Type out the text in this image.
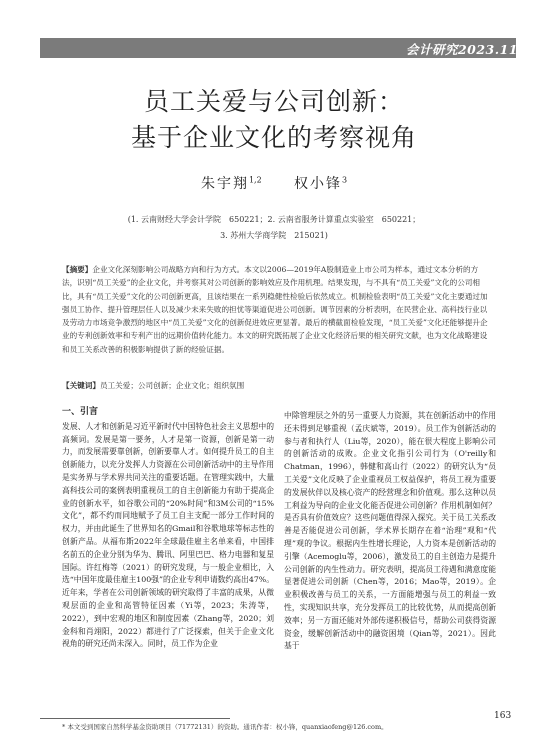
会计研究2023.11
员工关爱与公司创新：
基于企业文化的考察视角
朱宇翔$^{1,2}$ 权小锋$^3$
(1. 云南财经大学会计学院　650221；2. 云南省服务计算重点实验室　650221；
3. 苏州大学商学院　215021)
【摘要】企业文化深刻影响公司战略方向和行为方式。本文以2006—2019年A股制造业上市公司为样本，通过文本分析的方法，识别“员工关爱”的企业文化，并考察其对公司创新的影响效应及作用机理。结果发现，与不具有“员工关爱”文化的公司相比，具有“员工关爱”文化的公司创新更高，且该结果在一系列稳健性检验后依然成立。机制检验表明“员工关爱”文化主要通过加强员工协作、提升管理层任人以及减少未来失败的担忧等渠道促进公司创新。调节因素的分析表明，在民营企业、高科技行业以及劳动力市场竞争激烈的地区中“员工关爱”文化的创新促进效应更显著。最后的横截面检验发现，“员工关爱”文化还能够提升企业的专利创新效率和专利产出的远期价值转化能力。本文的研究既拓展了企业文化经济后果的相关研究文献，也为文化战略建设和员工关系改善的积极影响提供了新的经验证据。
【关键词】员工关爱；公司创新；企业文化；组织氛围
一、引言
发展、人才和创新是习近平新时代中国特色社会主义思想中的高频词。发展是第一要务，人才是第一资源，创新是第一动力，而发展需要靠创新，创新要靠人才。如何提升员工的自主创新能力，以充分发挥人力资源在公司创新活动中的主导作用是实务界与学术界共同关注的重要话题。在管理实践中，大量高科技公司的案例表明重视员工的自主创新能力有助于提高企业的创新水平，如谷歌公司的“20%时间”和3M公司的“15%文化”，都不约而同地赋予了员工自主支配一部分工作时间的权力，并由此诞生了世界知名的Gmail和谷歌地球等标志性的创新产品。从福布斯2022年全球最佳雇主名单来看，中国排名前五的企业分别为华为、腾讯、阿里巴巴、格力电器和复星国际。许红梅等（2021）的研究发现，与一般企业相比，入选“中国年度最佳雇主100强”的企业专利申请数约高出47%。近年来，学者在公司创新领域的研究取得了丰富的成果，从微观层面的企业和高管特征因素（Yi等，2023；朱涛等，2022），到中宏观的地区和制度因素（Zhang等，2020；刘金科和肖翊阳，2022）都进行了广泛探索，但关于企业文化视角的研究还尚未深入。同时，员工作为企业
中除管理层之外的另一重要人力资源，其在创新活动中的作用还未得到足够重视（孟庆斌等，2019）。员工作为创新活动的参与者和执行人（Liu等，2020），能在很大程度上影响公司的创新活动的成败。企业文化指引公司行为（O'reilly和Chatman，1996），韩健和高山行（2022）的研究认为“员工关爱”文化反映了企业重视员工权益保护，将员工视为重要的发展伙伴以及核心资产的经营理念和价值观。那么这种以员工利益为导向的企业文化能否促进公司创新？作用机制如何？是否具有价值效应？这些问题值得深入探究。关于员工关系改善是否能促进公司创新，学术界长期存在着“治理”观和“代理”观的争议。根据内生性增长理论，人力资本是创新活动的引擎（Acemoglu等，2006），激发员工的自主创造力是提升公司创新的内生性动力。研究表明，提高员工待遇和满意度能显著促进公司创新（Chen等，2016；Mao等，2019）。企业积极改善与员工的关系，一方面能增强与员工的利益一致性，实现知识共享，充分发挥员工的比较优势，从而提高创新效率；另一方面还能对外部传递积极信号，帮助公司获得资源资金，缓解创新活动中的融资困境（Qian等，2021）。因此基于
* 本文受到国家自然科学基金资助项目（71772131）的资助。通讯作者：权小锋，quanxiaofeng@126.com。
163
